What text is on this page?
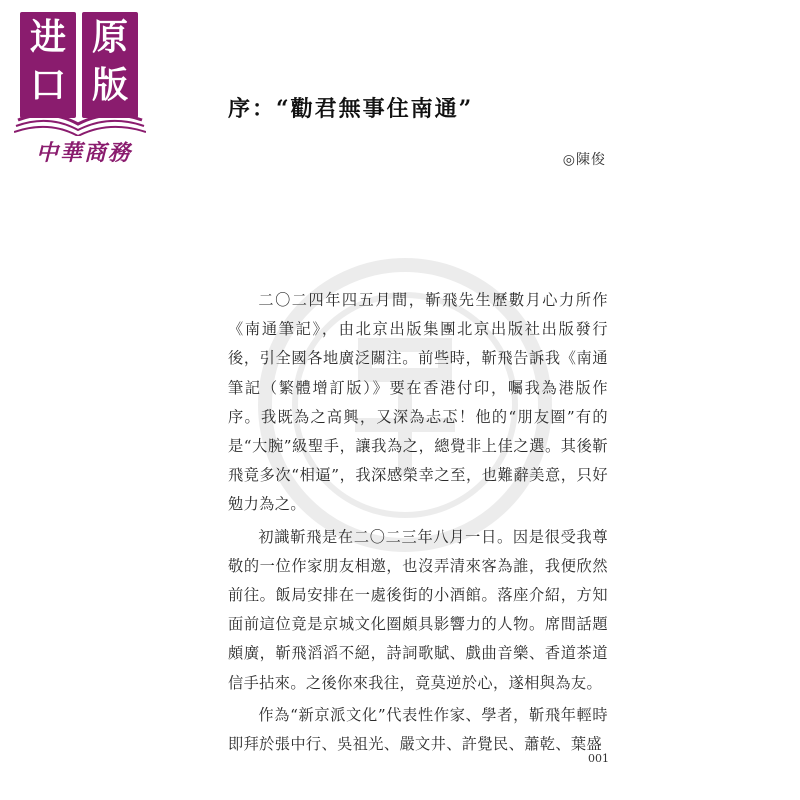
进 原
口 版
中華商務
序：“勸君無事住南通”
◎陳俊

二〇二四年四五月間，靳飛先生歷數月心力所作《南通筆記》，由北京出版集團北京出版社出版發行後，引全國各地廣泛關注。前些時，靳飛告訴我《南通筆記（繁體增訂版）》要在香港付印，囑我為港版作序。我既為之高興，又深為忐忑！他的“朋友圈”有的是“大腕”級聖手，讓我為之，總覺非上佳之選。其後靳飛竟多次“相逼”，我深感榮幸之至，也難辭美意，只好勉力為之。

初識靳飛是在二〇二三年八月一日。因是很受我尊敬的一位作家朋友相邀，也沒弄清來客為誰，我便欣然前往。飯局安排在一處後街的小酒館。落座介紹，方知面前這位竟是京城文化圈頗具影響力的人物。席間話題頗廣，靳飛滔滔不絕，詩詞歌賦、戲曲音樂、香道茶道信手拈來。之後你來我往，竟莫逆於心，遂相與為友。

作為“新京派文化”代表性作家、學者，靳飛年輕時即拜於張中行、吳祖光、嚴文井、許覺民、蕭乾、葉盛

001
